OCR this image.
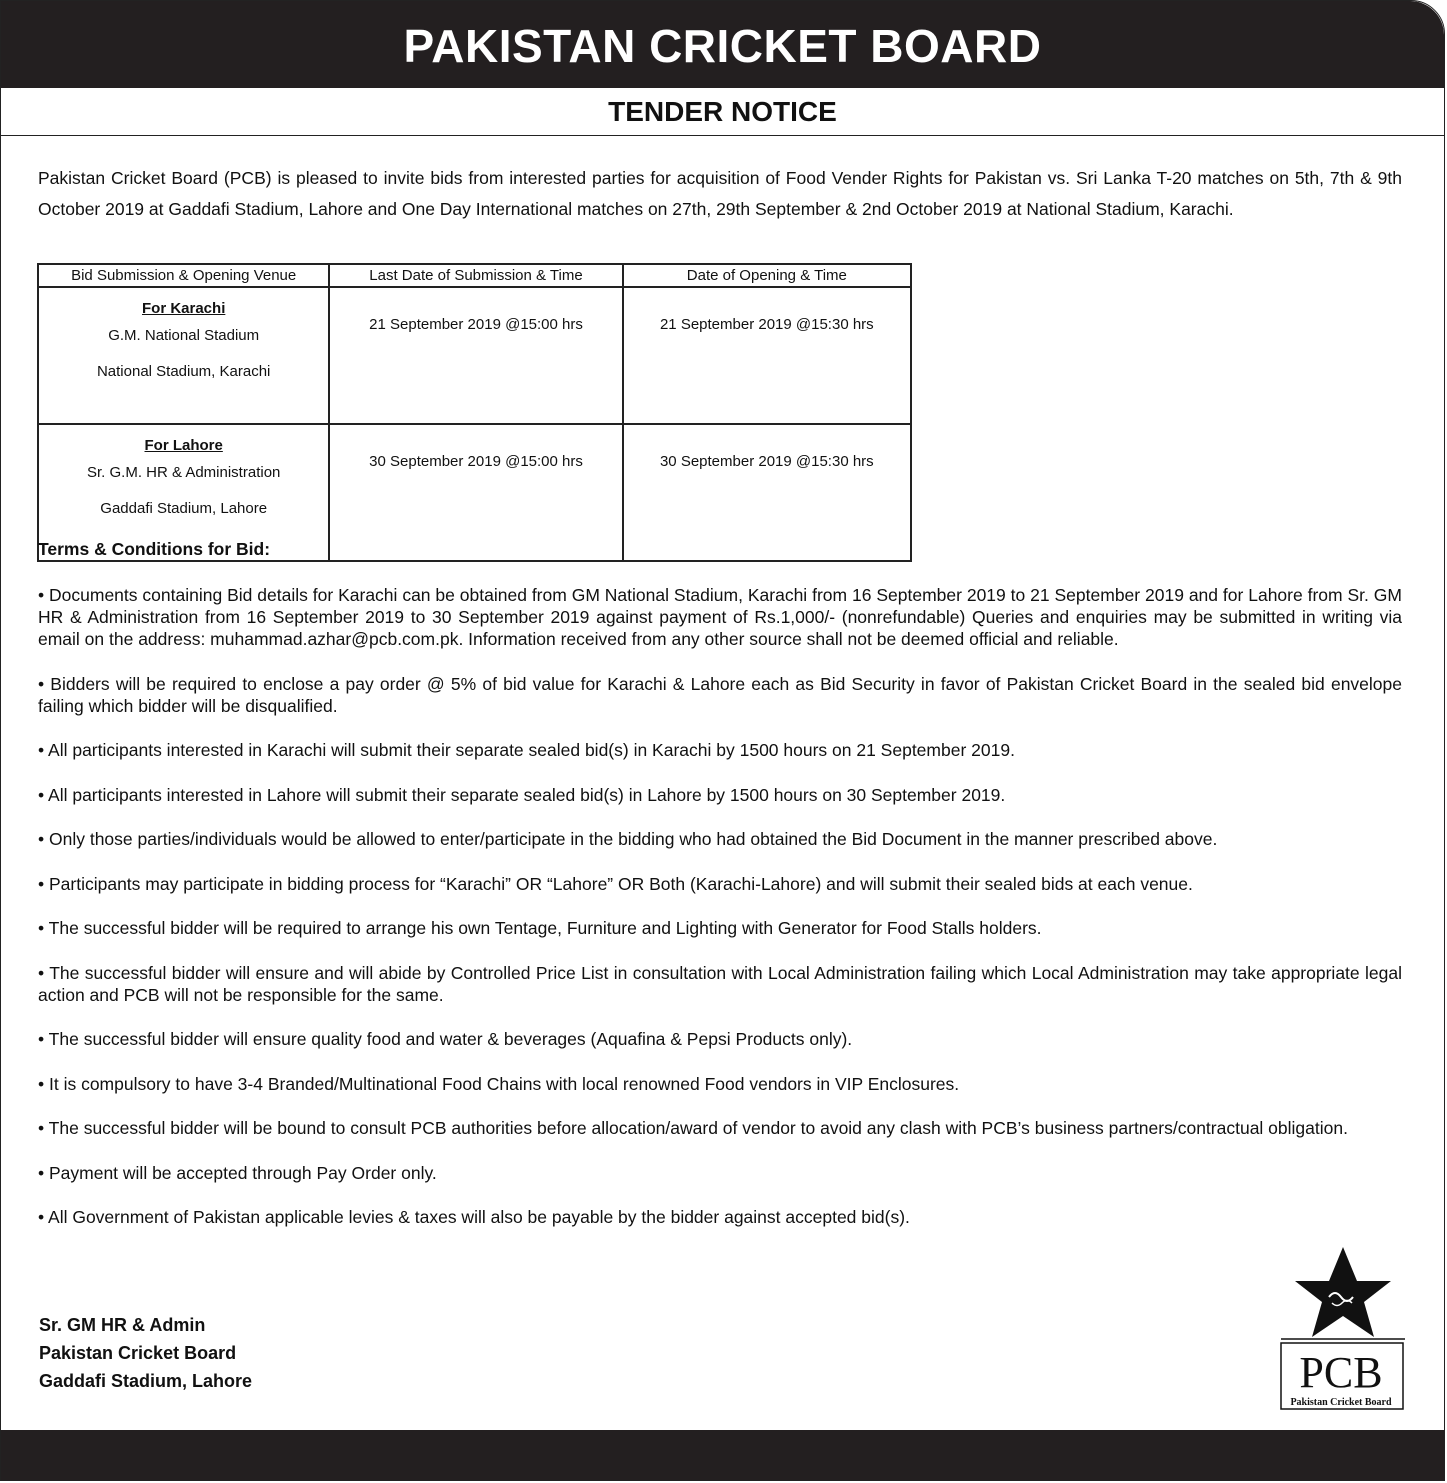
PAKISTAN CRICKET BOARD
TENDER NOTICE
Pakistan Cricket Board (PCB) is pleased to invite bids from interested parties for acquisition of Food Vender Rights for Pakistan vs. Sri Lanka T-20 matches on 5th, 7th & 9th October 2019 at Gaddafi Stadium, Lahore and One Day International matches on 27th, 29th September & 2nd October 2019 at National Stadium, Karachi.
Bid Submission & Opening Venue	Last Date of Submission & Time	Date of Opening & Time

For Karachi
G.M. National Stadium
National Stadium, Karachi	21 September 2019 @15:00 hrs	21 September 2019 @15:30 hrs

For Lahore
Sr. G.M. HR & Administration
Gaddafi Stadium, Lahore	30 September 2019 @15:00 hrs	30 September 2019 @15:30 hrs
Terms & Conditions for Bid:

• Documents containing Bid details for Karachi can be obtained from GM National Stadium, Karachi from 16 September 2019 to 21 September 2019 and for Lahore from Sr. GM HR & Administration from 16 September 2019 to 30 September 2019 against payment of Rs.1,000/- (nonrefundable) Queries and enquiries may be submitted in writing via email on the address: muhammad.azhar@pcb.com.pk. Information received from any other source shall not be deemed official and reliable.

• Bidders will be required to enclose a pay order @ 5% of bid value for Karachi & Lahore each as Bid Security in favor of Pakistan Cricket Board in the sealed bid envelope failing which bidder will be disqualified.

• All participants interested in Karachi will submit their separate sealed bid(s) in Karachi by 1500 hours on 21 September 2019.

• All participants interested in Lahore will submit their separate sealed bid(s) in Lahore by 1500 hours on 30 September 2019.

• Only those parties/individuals would be allowed to enter/participate in the bidding who had obtained the Bid Document in the manner prescribed above.

• Participants may participate in bidding process for “Karachi” OR “Lahore” OR Both (Karachi-Lahore) and will submit their sealed bids at each venue.

• The successful bidder will be required to arrange his own Tentage, Furniture and Lighting with Generator for Food Stalls holders.

• The successful bidder will ensure and will abide by Controlled Price List in consultation with Local Administration failing which Local Administration may take appropriate legal action and PCB will not be responsible for the same.

• The successful bidder will ensure quality food and water & beverages (Aquafina & Pepsi Products only).

• It is compulsory to have 3-4 Branded/Multinational Food Chains with local renowned Food vendors in VIP Enclosures.

• The successful bidder will be bound to consult PCB authorities before allocation/award of vendor to avoid any clash with PCB’s business partners/contractual obligation.

• Payment will be accepted through Pay Order only.

• All Government of Pakistan applicable levies & taxes will also be payable by the bidder against accepted bid(s).

Sr. GM HR & Admin
Pakistan Cricket Board
Gaddafi Stadium, Lahore	PCB
Pakistan Cricket Board
